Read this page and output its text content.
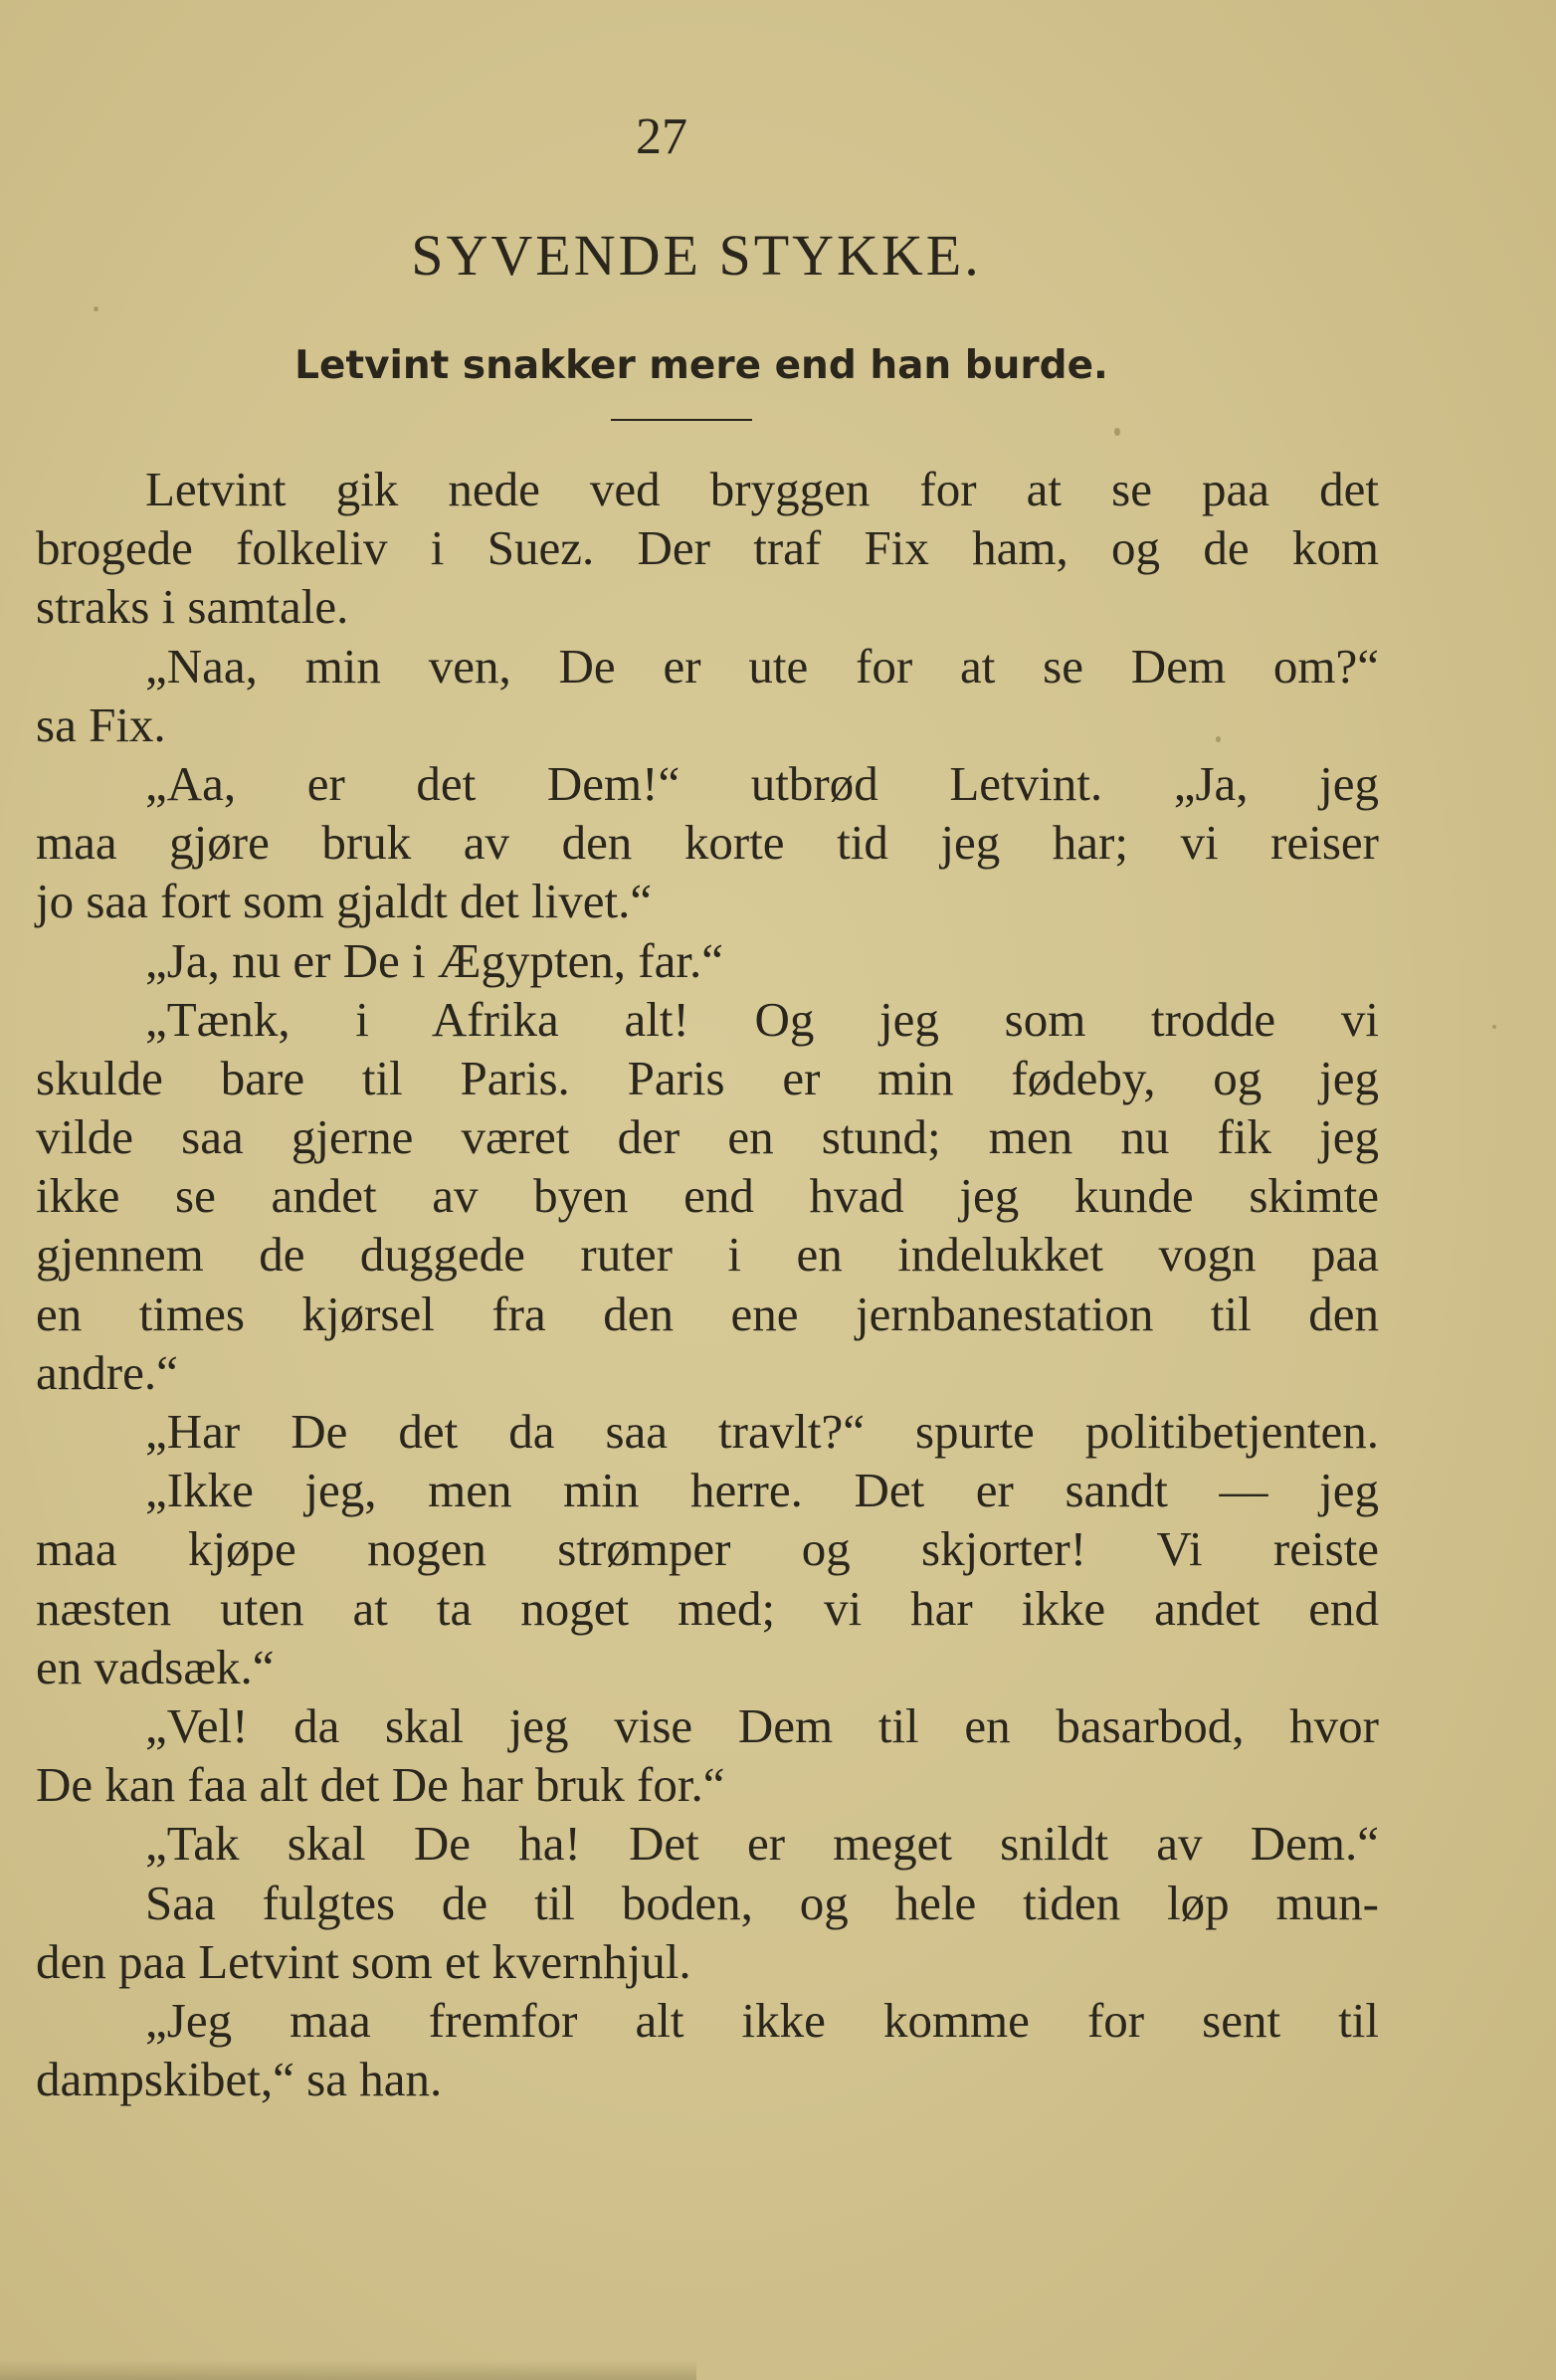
27
SYVENDE STYKKE.
Letvint snakker mere end han burde.
Letvint gik nede ved bryggen for at se paa det
brogede folkeliv i Suez. Der traf Fix ham, og de kom
straks i samtale.
„Naa, min ven, De er ute for at se Dem om?“
sa Fix.
„Aa, er det Dem!“ utbrød Letvint. „Ja, jeg
maa gjøre bruk av den korte tid jeg har; vi reiser
jo saa fort som gjaldt det livet.“
„Ja, nu er De i Ægypten, far.“
„Tænk, i Afrika alt! Og jeg som trodde vi
skulde bare til Paris. Paris er min fødeby, og jeg
vilde saa gjerne været der en stund; men nu fik jeg
ikke se andet av byen end hvad jeg kunde skimte
gjennem de duggede ruter i en indelukket vogn paa
en times kjørsel fra den ene jernbanestation til den
andre.“
„Har De det da saa travlt?“ spurte politibetjenten.
„Ikke jeg, men min herre. Det er sandt — jeg
maa kjøpe nogen strømper og skjorter! Vi reiste
næsten uten at ta noget med; vi har ikke andet end
en vadsæk.“
„Vel! da skal jeg vise Dem til en basarbod, hvor
De kan faa alt det De har bruk for.“
„Tak skal De ha! Det er meget snildt av Dem.“
Saa fulgtes de til boden, og hele tiden løp mun-
den paa Letvint som et kvernhjul.
„Jeg maa fremfor alt ikke komme for sent til
dampskibet,“ sa han.
